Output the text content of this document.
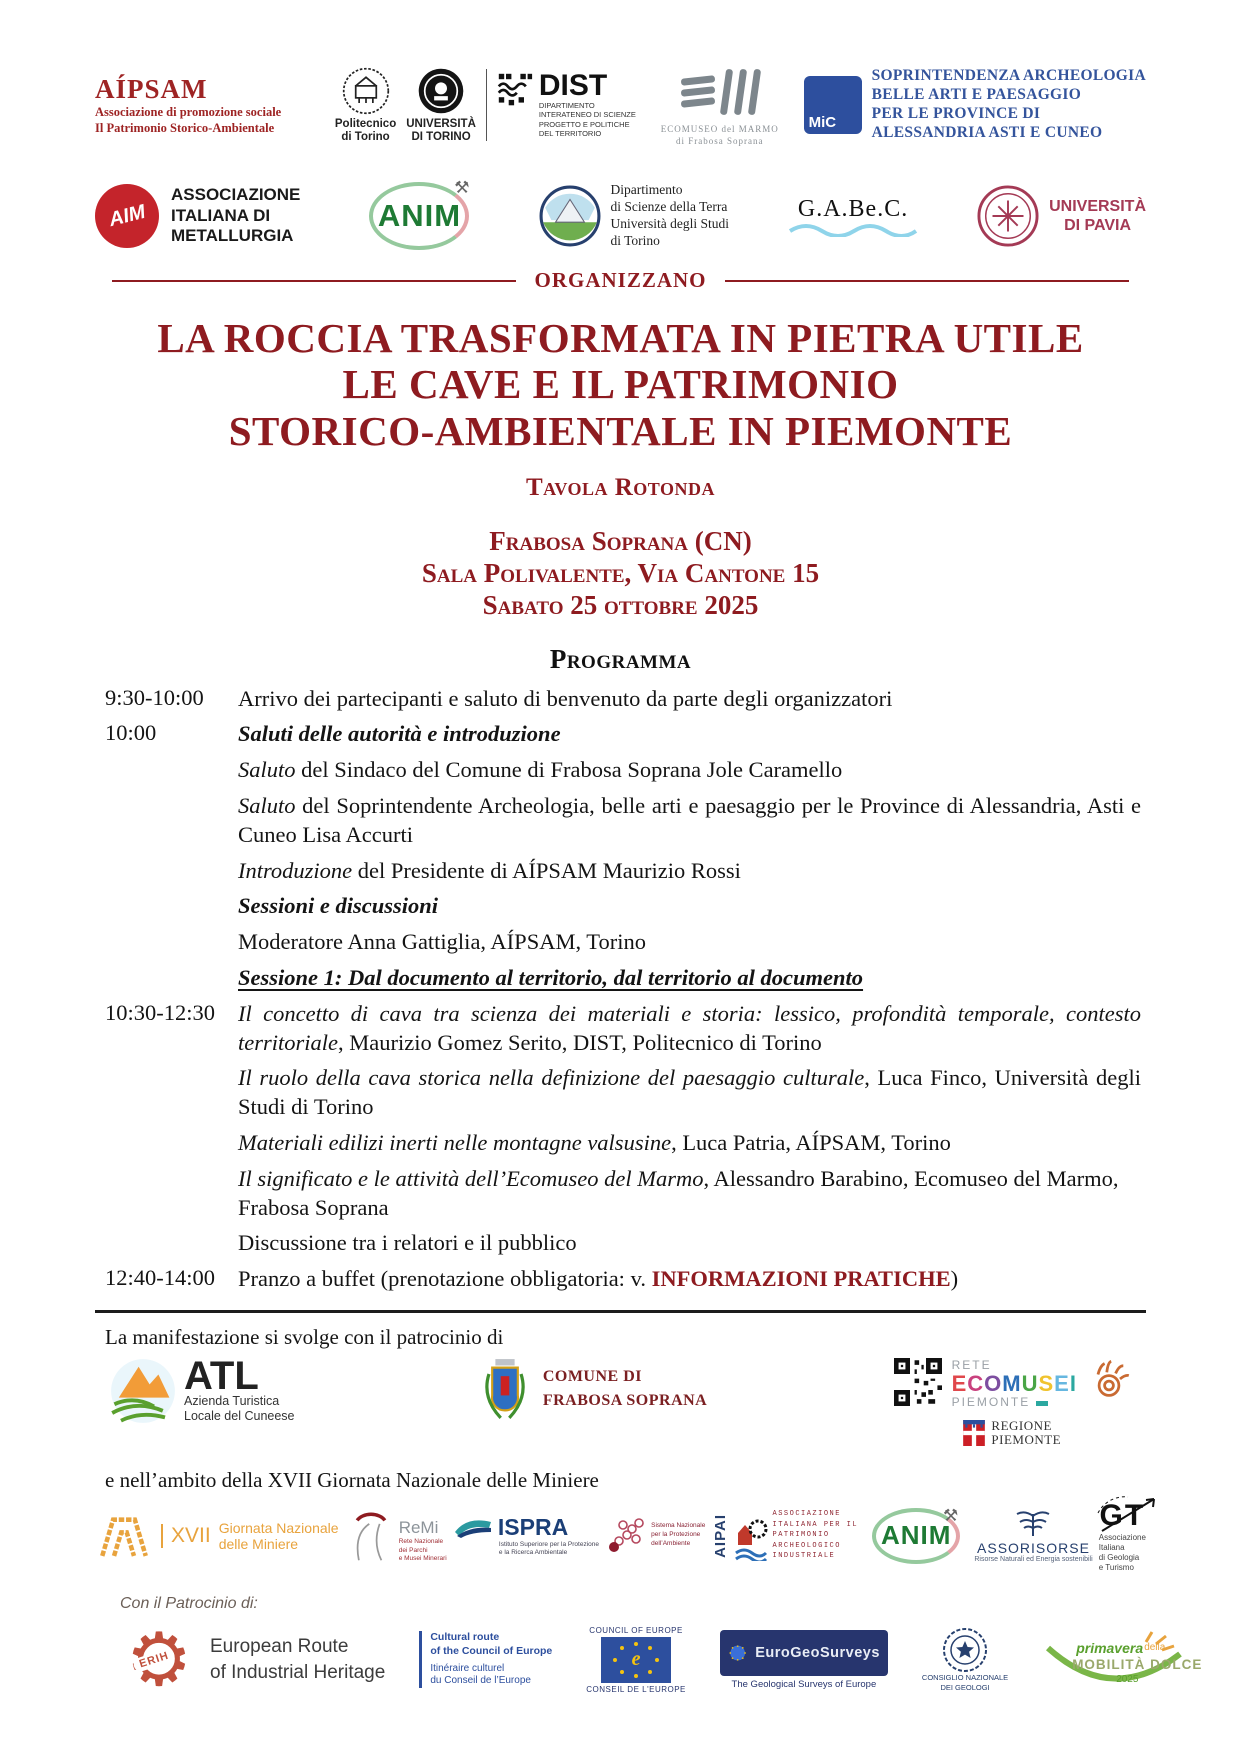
AÍPSAM
Associazione di promozione sociale
Il Patrimonio Storico-Ambientale	Politecnico
di Torino
UNIVERSITÀ
DI TORINO
DIST
DIPARTIMENTO
INTERATENEO DI SCIENZE
PROGETTO E POLITICHE
DEL TERRITORIO	ECOMUSEO del MARMO
di Frabosa Soprana
MiC
SOPRINTENDENZA ARCHEOLOGIA
BELLE ARTI E PAESAGGIO
PER LE PROVINCE DI
ALESSANDRIA ASTI E CUNEO
AIM
ASSOCIAZIONE
ITALIANA DI
METALLURGIA
⚒
ANIM
Dipartimento
di Scienze della Terra
Università degli Studi
di Torino
G.A.Be.C.	UNIVERSITÀ
DI PAVIA
ORGANIZZANO
LA ROCCIA TRASFORMATA IN PIETRA UTILE
LE CAVE E IL PATRIMONIO
STORICO-AMBIENTALE IN PIEMONTE
Tavola Rotonda
Frabosa Soprana (CN)
Sala Polivalente, Via Cantone 15
Sabato 25 ottobre 2025
Programma
9:30-10:00	Arrivo dei partecipanti e saluto di benvenuto da parte degli organizzatori
10:00	Saluti delle autorità e introduzione
Saluto del Sindaco del Comune di Frabosa Soprana Jole Caramello
Saluto del Soprintendente Archeologia, belle arti e paesaggio per le Province di Alessandria, Asti e Cuneo Lisa Accurti
Introduzione del Presidente di AÍPSAM Maurizio Rossi
Sessioni e discussioni
Moderatore Anna Gattiglia, AÍPSAM, Torino
Sessione 1: Dal documento al territorio, dal territorio al documento
10:30-12:30	Il concetto di cava tra scienza dei materiali e storia: lessico, profondità temporale, contesto territoriale, Maurizio Gomez Serito, DIST, Politecnico di Torino
Il ruolo della cava storica nella definizione del paesaggio culturale, Luca Finco, Università degli Studi di Torino
Materiali edilizi inerti nelle montagne valsusine, Luca Patria, AÍPSAM, Torino
Il significato e le attività dell’Ecomuseo del Marmo, Alessandro Barabino, Ecomuseo del Marmo, Frabosa Soprana
Discussione tra i relatori e il pubblico
12:40-14:00	Pranzo a buffet (prenotazione obbligatoria: v. INFORMAZIONI PRATICHE)
La manifestazione si svolge con il patrocinio di
ATL
Azienda Turistica
Locale del Cuneese
COMUNE DI
FRABOSA SOPRANA
RETE
ECOMUSEI
PIEMONTE
REGIONE
PIEMONTE
e nell’ambito della XVII Giornata Nazionale delle Miniere
XVII Giornata Nazionale
delle Miniere
ReMi
Rete Nazionale
dei Parchi
e Musei Minerari
ISPRA
Istituto Superiore per la Protezione
e la Ricerca Ambientale
Sistema Nazionale
per la Protezione
dell’Ambiente	AIPAI	ASSOCIAZIONE
ITALIANA PER IL
PATRIMONIO
ARCHEOLOGICO
INDUSTRIALE
⚒
ANIM ASSORISORSE
Risorse Naturali ed Energia sostenibili
GT
Associazione
Italiana
di Geologia
e Turismo
Con il Patrocinio di:
⚙
ERIH
European Route
of Industrial Heritage
Cultural route
of the Council of Europe
Itinéraire culturel
du Conseil de l’Europe
COUNCIL OF EUROPE
e
CONSEIL DE L'EUROPE
EuroGeoSurveys
The Geological Surveys of Europe
CONSIGLIO NAZIONALE
DEI GEOLOGI
primavera della
MOBILITÀ DOLCE
2025
